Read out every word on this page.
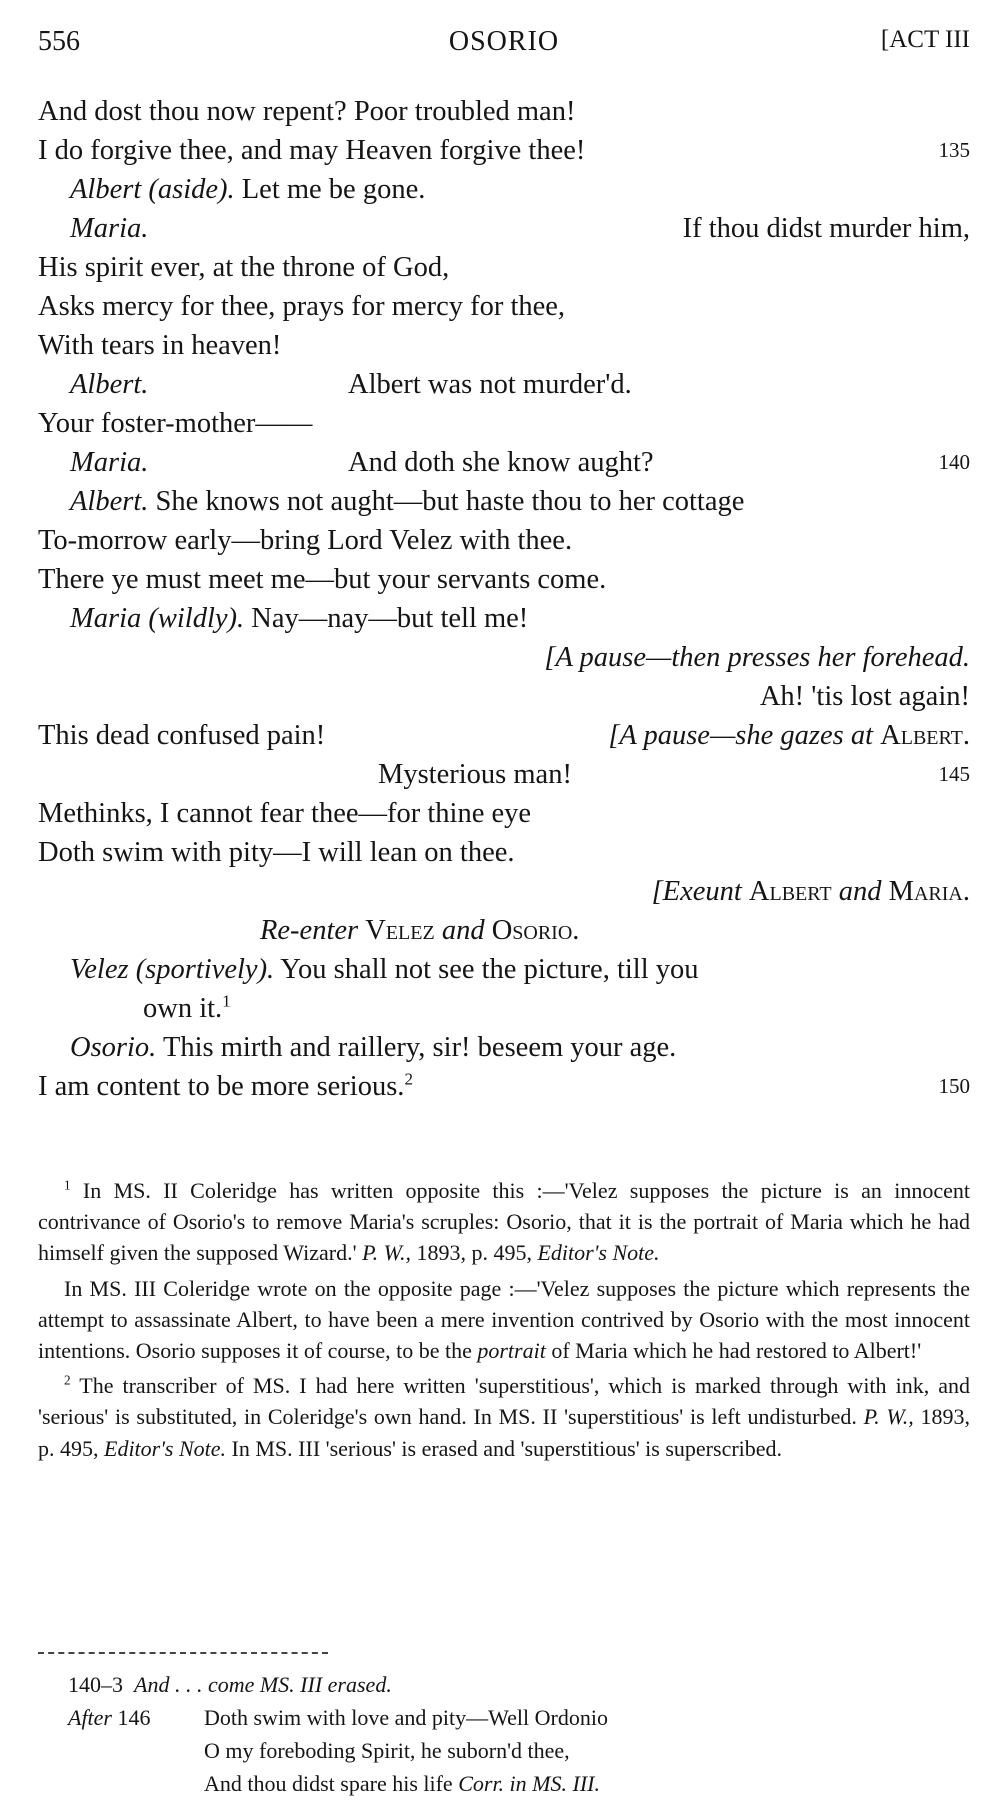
556	OSORIO	[ACT III
And dost thou now repent? Poor troubled man!
I do forgive thee, and may Heaven forgive thee!	135
Albert (aside). Let me be gone.
Maria.	If thou didst murder him,
His spirit ever, at the throne of God,
Asks mercy for thee, prays for mercy for thee,
With tears in heaven!
Albert.	Albert was not murder'd.
Your foster-mother——
Maria.	And doth she know aught?	140
Albert. She knows not aught—but haste thou to her cottage
To-morrow early—bring Lord Velez with thee.
There ye must meet me—but your servants come.
Maria (wildly). Nay—nay—but tell me!
[A pause—then presses her forehead.
Ah! 'tis lost again!
This dead confused pain!	[A pause—she gazes at Albert.
Mysterious man!	145
Methinks, I cannot fear thee—for thine eye
Doth swim with pity—I will lean on thee.
[Exeunt Albert and Maria.
Re-enter Velez and Osorio.
Velez (sportively). You shall not see the picture, till you
own it.$^1$
Osorio. This mirth and raillery, sir! beseem your age.
I am content to be more serious.$^2$	150

$^1$ In MS. II Coleridge has written opposite this :—'Velez supposes the picture is an innocent contrivance of Osorio's to remove Maria's scruples: Osorio, that it is the portrait of Maria which he had himself given the supposed Wizard.' P. W., 1893, p. 495, Editor's Note.

In MS. III Coleridge wrote on the opposite page :—'Velez supposes the picture which represents the attempt to assassinate Albert, to have been a mere invention contrived by Osorio with the most innocent intentions. Osorio supposes it of course, to be the portrait of Maria which he had restored to Albert!'

$^2$ The transcriber of MS. I had here written 'superstitious', which is marked through with ink, and 'serious' is substituted, in Coleridge's own hand. In MS. II 'superstitious' is left undisturbed. P. W., 1893, p. 495, Editor's Note. In MS. III 'serious' is erased and 'superstitious' is superscribed.

140–3 And . . . come MS. III erased.
After 146 Doth swim with love and pity—Well Ordonio
O my foreboding Spirit, he suborn'd thee,
And thou didst spare his life Corr. in MS. III.
